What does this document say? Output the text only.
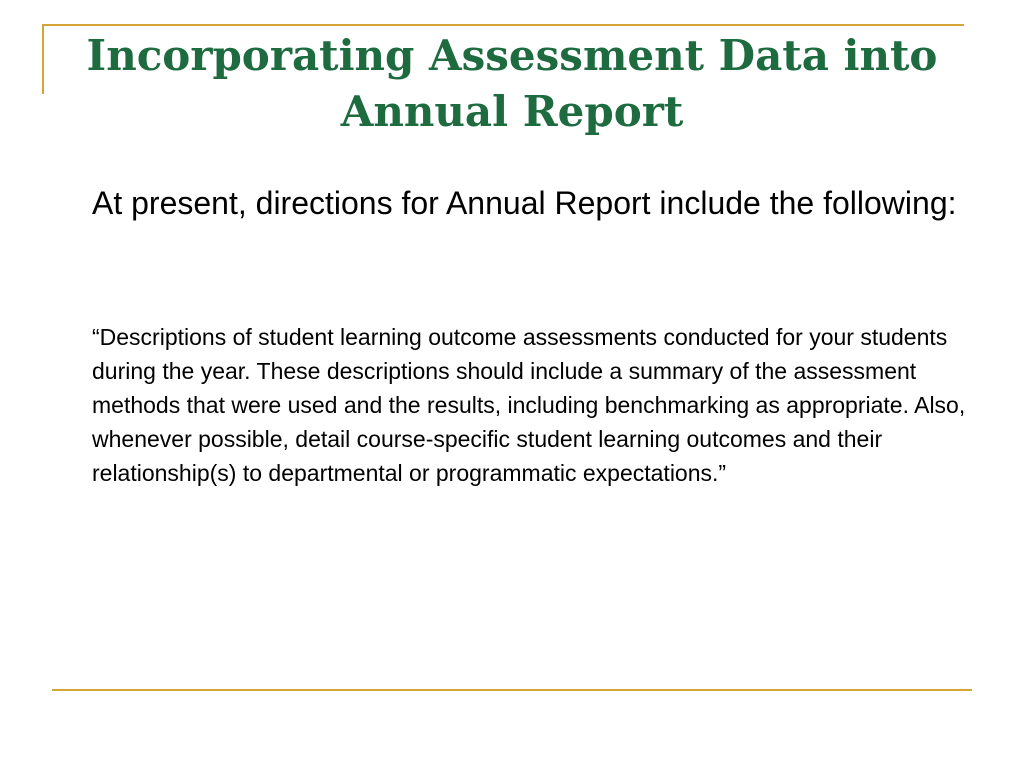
Incorporating Assessment Data into Annual Report

At present, directions for Annual Report include the following:

“Descriptions of student learning outcome assessments conducted for your students during the year. These descriptions should include a summary of the assessment methods that were used and the results, including benchmarking as appropriate. Also, whenever possible, detail course-specific student learning outcomes and their relationship(s) to departmental or programmatic expectations.”
